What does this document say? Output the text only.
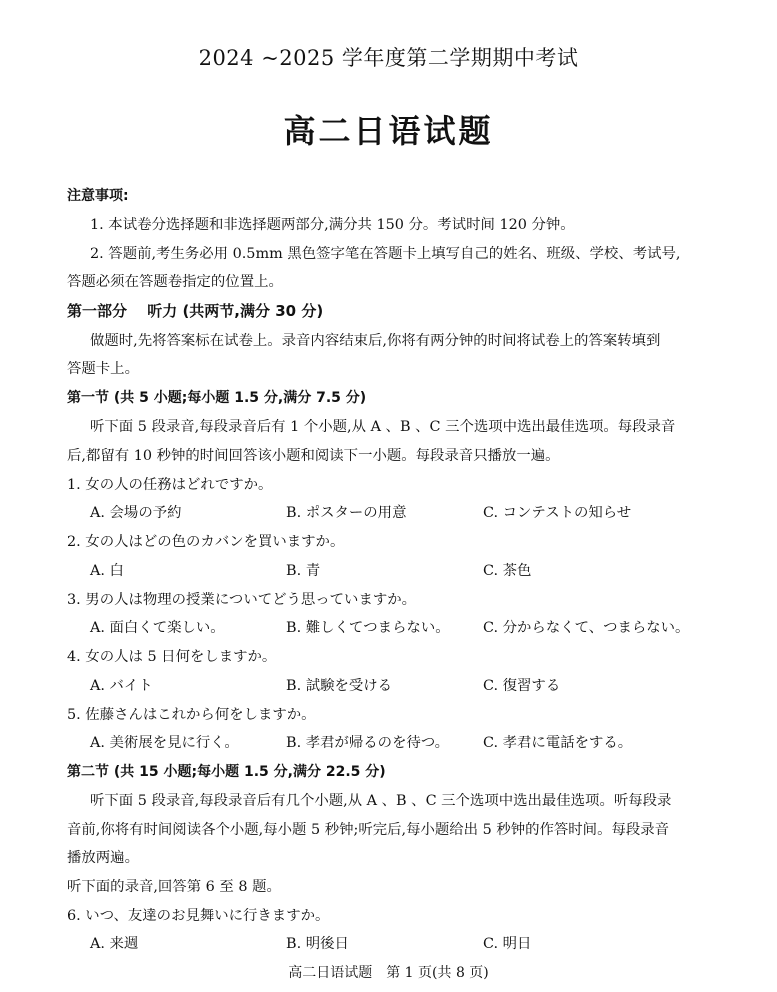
2024 ~2025 学年度第二学期期中考试
高二日语试题
注意事项:
1. 本试卷分选择题和非选择题两部分,满分共 150 分。考试时间 120 分钟。
2. 答题前,考生务必用 0.5mm 黑色签字笔在答题卡上填写自己的姓名、班级、学校、考试号,
答题必须在答题卷指定的位置上。
第一部分　 听力 (共两节,满分 30 分)
做题时,先将答案标在试卷上。录音内容结束后,你将有两分钟的时间将试卷上的答案转填到
答题卡上。
第一节 (共 5 小题;每小题 1.5 分,满分 7.5 分)
听下面 5 段录音,每段录音后有 1 个小题,从 A 、B 、C 三个选项中选出最佳选项。每段录音
后,都留有 10 秒钟的时间回答该小题和阅读下一小题。每段录音只播放一遍。
1. 女の人の任務はどれですか。
A. 会場の予約	B. ポスターの用意	C. コンテストの知らせ
2. 女の人はどの色のカバンを買いますか。
A. 白	B. 青	C. 茶色
3. 男の人は物理の授業についてどう思っていますか。
A. 面白くて楽しい。	B. 難しくてつまらない。 C. 分からなくて、つまらない。
4. 女の人は 5 日何をしますか。
A. バイト	B. 試験を受ける	C. 復習する
5. 佐藤さんはこれから何をしますか。
A. 美術展を見に行く。	B. 孝君が帰るのを待つ。 C. 孝君に電話をする。
第二节 (共 15 小题;每小题 1.5 分,满分 22.5 分)
听下面 5 段录音,每段录音后有几个小题,从 A 、B 、C 三个选项中选出最佳选项。听每段录
音前,你将有时间阅读各个小题,每小题 5 秒钟;听完后,每小题给出 5 秒钟的作答时间。每段录音
播放两遍。
听下面的录音,回答第 6 至 8 题。
6. いつ、友達のお見舞いに行きますか。
A. 来週	B. 明後日	C. 明日
高二日语试题　第 1 页(共 8 页)
